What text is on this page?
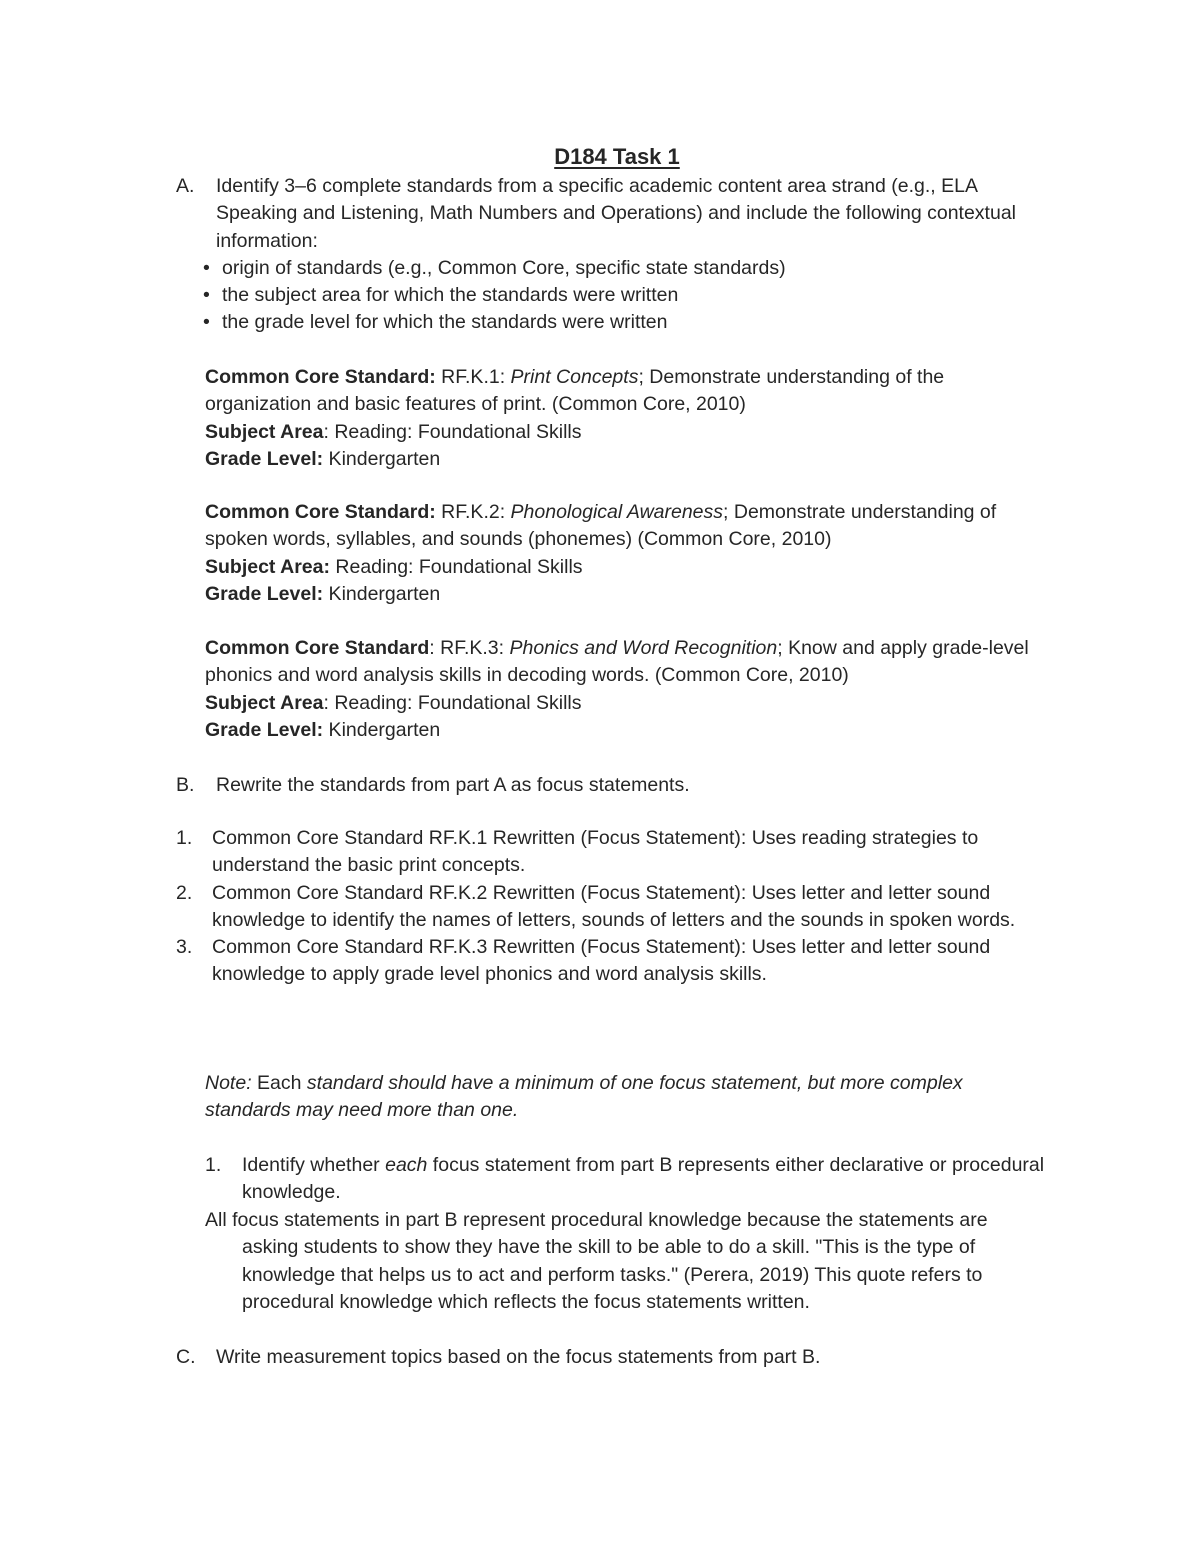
D184 Task 1
A.	Identify 3–6 complete standards from a specific academic content area strand (e.g., ELA Speaking and Listening, Math Numbers and Operations) and include the following contextual information:
• origin of standards (e.g., Common Core, specific state standards)
• the subject area for which the standards were written
• the grade level for which the standards were written

Common Core Standard: RF.K.1: Print Concepts; Demonstrate understanding of the organization and basic features of print. (Common Core, 2010)

Subject Area: Reading: Foundational Skills

Grade Level: Kindergarten

Common Core Standard: RF.K.2: Phonological Awareness; Demonstrate understanding of spoken words, syllables, and sounds (phonemes) (Common Core, 2010)

Subject Area: Reading: Foundational Skills

Grade Level: Kindergarten

Common Core Standard: RF.K.3: Phonics and Word Recognition; Know and apply grade-level phonics and word analysis skills in decoding words. (Common Core, 2010)

Subject Area: Reading: Foundational Skills

Grade Level: Kindergarten

B.	Rewrite the standards from part A as focus statements.
1. Common Core Standard RF.K.1 Rewritten (Focus Statement): Uses reading strategies to understand the basic print concepts.
2. Common Core Standard RF.K.2 Rewritten (Focus Statement): Uses letter and letter sound knowledge to identify the names of letters, sounds of letters and the sounds in spoken words.
3. Common Core Standard RF.K.3 Rewritten (Focus Statement): Uses letter and letter sound knowledge to apply grade level phonics and word analysis skills.
Note: Each standard should have a minimum of one focus statement, but more complex standards may need more than one.
1. Identify whether each focus statement from part B represents either declarative or procedural knowledge.

All focus statements in part B represent procedural knowledge because the statements are asking students to show they have the skill to be able to do a skill. "This is the type of knowledge that helps us to act and perform tasks." (Perera, 2019) This quote refers to procedural knowledge which reflects the focus statements written.

C.	Write measurement topics based on the focus statements from part B.
